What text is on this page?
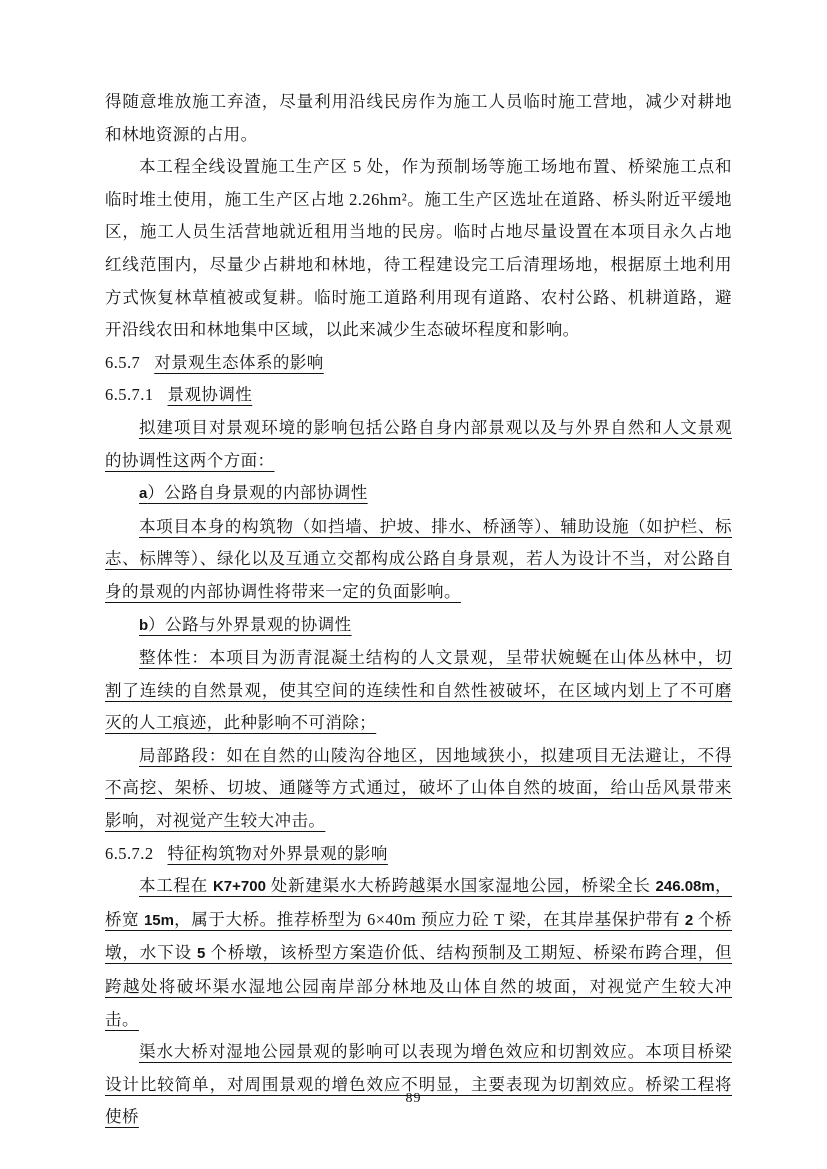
得随意堆放施工弃渣，尽量利用沿线民房作为施工人员临时施工营地，减少对耕地和林地资源的占用。

本工程全线设置施工生产区 5 处，作为预制场等施工场地布置、桥梁施工点和临时堆土使用，施工生产区占地 2.26hm²。施工生产区选址在道路、桥头附近平缓地区，施工人员生活营地就近租用当地的民房。临时占地尽量设置在本项目永久占地红线范围内，尽量少占耕地和林地，待工程建设完工后清理场地，根据原土地利用方式恢复林草植被或复耕。临时施工道路利用现有道路、农村公路、机耕道路，避开沿线农田和林地集中区域，以此来减少生态破坏程度和影响。

6.5.7 对景观生态体系的影响

6.5.7.1 景观协调性

拟建项目对景观环境的影响包括公路自身内部景观以及与外界自然和人文景观的协调性这两个方面：

a）公路自身景观的内部协调性

本项目本身的构筑物（如挡墙、护坡、排水、桥涵等）、辅助设施（如护栏、标志、标牌等）、绿化以及互通立交都构成公路自身景观，若人为设计不当，对公路自身的景观的内部协调性将带来一定的负面影响。

b）公路与外界景观的协调性

整体性：本项目为沥青混凝土结构的人文景观，呈带状婉蜒在山体丛林中，切割了连续的自然景观，使其空间的连续性和自然性被破坏，在区域内划上了不可磨灭的人工痕迹，此种影响不可消除；

局部路段：如在自然的山陵沟谷地区，因地域狭小，拟建项目无法避让，不得不高挖、架桥、切坡、通隧等方式通过，破坏了山体自然的坡面，给山岳风景带来影响，对视觉产生较大冲击。

6.5.7.2 特征构筑物对外界景观的影响

本工程在 K7+700 处新建渠水大桥跨越渠水国家湿地公园，桥梁全长 246.08m，桥宽 15m，属于大桥。推荐桥型为 6×40m 预应力砼 T 梁，在其岸基保护带有 2 个桥墩，水下设 5 个桥墩，该桥型方案造价低、结构预制及工期短、桥梁布跨合理，但跨越处将破坏渠水湿地公园南岸部分林地及山体自然的坡面，对视觉产生较大冲击。

渠水大桥对湿地公园景观的影响可以表现为增色效应和切割效应。本项目桥梁设计比较简单，对周围景观的增色效应不明显，主要表现为切割效应。桥梁工程将使桥

89
